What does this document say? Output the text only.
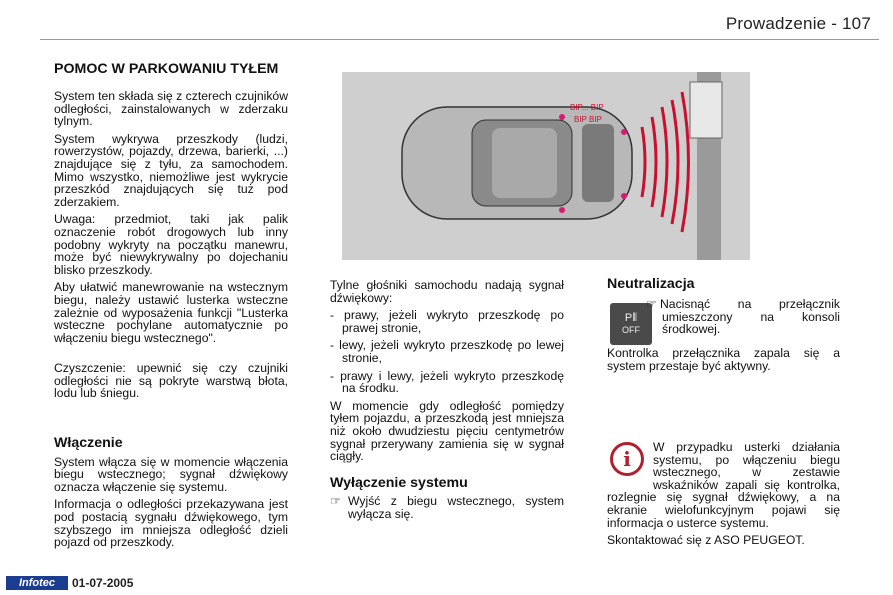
Prowadzenie - 107
POMOC W PARKOWANIU TYŁEM

System ten składa się z czterech czujników odległości, zainstalowanych w zderzaku tylnym.

System wykrywa przeszkody (ludzi, rowerzystów, pojazdy, drzewa, barierki, ...) znajdujące się z tyłu, za samochodem. Mimo wszystko, niemożliwe jest wykrycie przeszkód znajdujących się tuż pod zderzakiem.

Uwaga: przedmiot, taki jak palik oznaczenie robót drogowych lub inny podobny wykryty na początku manewru, może być niewykrywalny po dojechaniu blisko przeszkody.

Aby ułatwić manewrowanie na wstecznym biegu, należy ustawić lusterka wsteczne zależnie od wyposażenia funkcji "Lusterka wsteczne pochylane automatycznie po włączeniu biegu wstecznego".

Czyszczenie: upewnić się czy czujniki odległości nie są pokryte warstwą błota, lodu lub śniegu.

Włączenie

System włącza się w momencie włączenia biegu wstecznego; sygnał dźwiękowy oznacza włączenie się systemu.

Informacja o odległości przekazywana jest pod postacią sygnału dźwiękowego, tym szybszego im mniejsza odległość dzieli pojazd od przeszkody.

BIP... BIP
BIP BIP

Tylne głośniki samochodu nadają sygnał dźwiękowy:

- prawy, jeżeli wykryto przeszkodę po prawej stronie,

- lewy, jeżeli wykryto przeszkodę po lewej stronie,

- prawy i lewy, jeżeli wykryto przeszkodę na środku.

W momencie gdy odległość pomiędzy tyłem pojazdu, a przeszkodą jest mniejsza niż około dwudziestu pięciu centymetrów sygnał przerywany zamienia się w sygnał ciągły.

Wyłączenie systemu

☞ Wyjść z biegu wstecznego, system wyłącza się.

Neutralizacja
P⦀
OFF
☞ Nacisnąć na przełącznik umieszczony na konsoli środkowej.
Kontrolka przełącznika zapala się a system przestaje być aktywny.
i	W przypadku usterki działania systemu, po włączeniu biegu wstecznego, w zestawie wskaźników zapali się kontrolka, rozlegnie się sygnał dźwiękowy, a na ekranie wielofunkcyjnym pojawi się informacja o usterce systemu.

Skontaktować się z ASO PEUGEOT.

Infotec	01-07-2005
